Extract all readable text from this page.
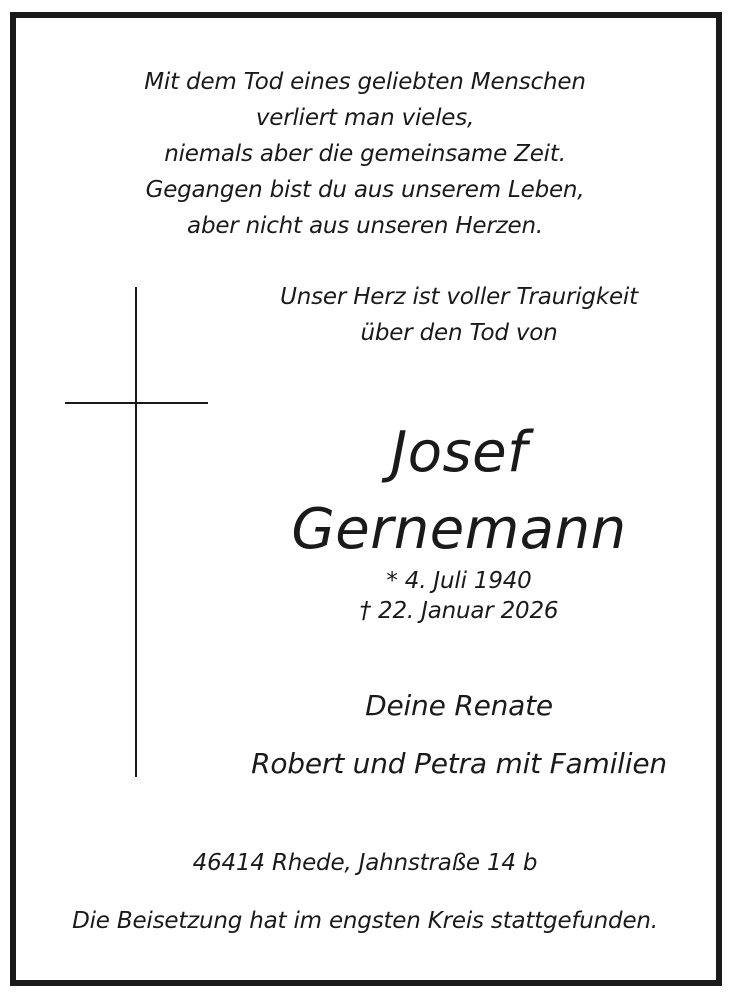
Mit dem Tod eines geliebten Menschen
verliert man vieles,
niemals aber die gemeinsame Zeit.
Gegangen bist du aus unserem Leben,
aber nicht aus unseren Herzen.
Unser Herz ist voller Traurigkeit
über den Tod von
Josef
Gernemann
* 4. Juli 1940
† 22. Januar 2026
Deine Renate
Robert und Petra mit Familien
46414 Rhede, Jahnstraße 14 b
Die Beisetzung hat im engsten Kreis stattgefunden.
